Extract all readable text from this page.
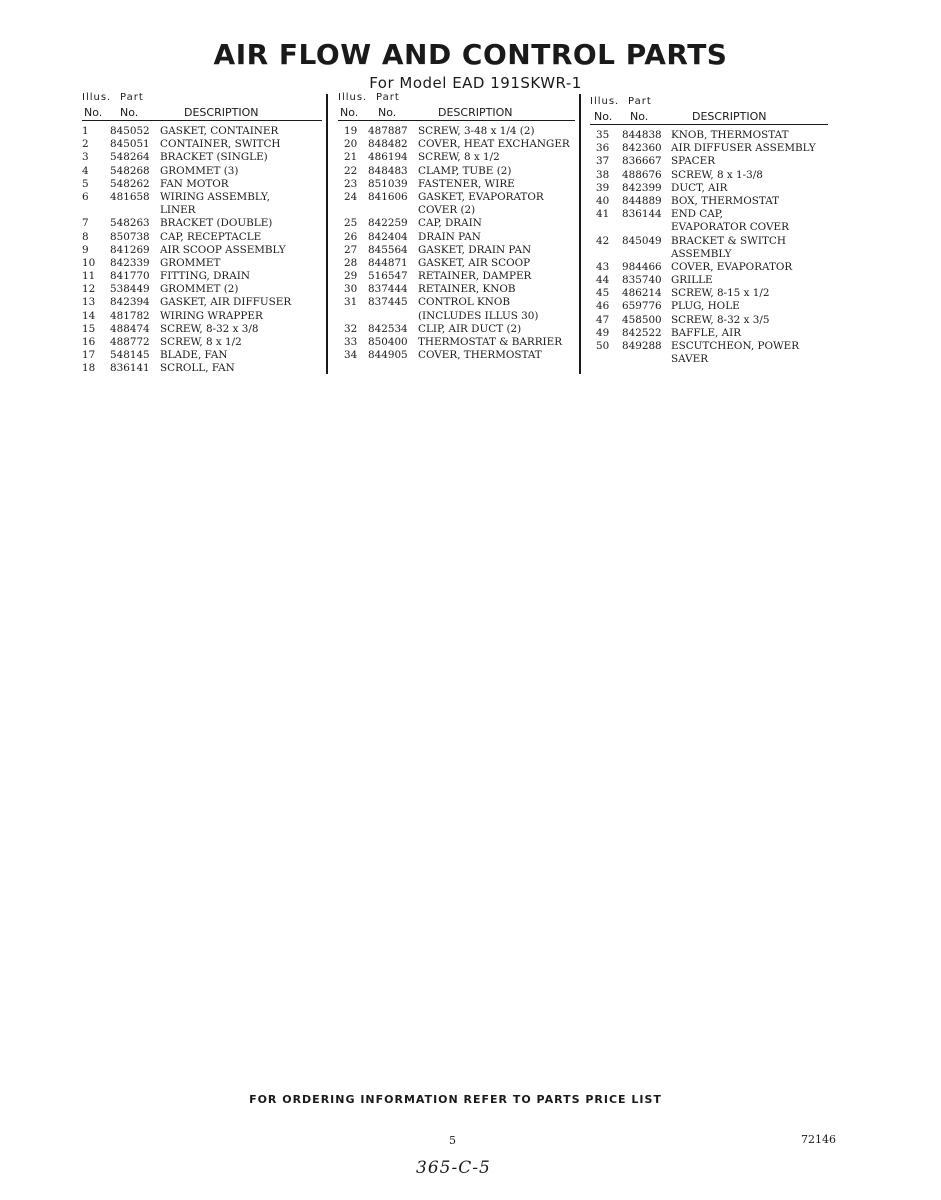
AIR FLOW AND CONTROL PARTS
For Model EAD 191SKWR-1
Illus. Part
No. No.	DESCRIPTION
1 845052 GASKET, CONTAINER
2 845051 CONTAINER, SWITCH
3 548264 BRACKET (SINGLE)
4 548268 GROMMET (3)
5 548262 FAN MOTOR
6 481658 WIRING ASSEMBLY,
LINER
7 548263 BRACKET (DOUBLE)
8 850738 CAP, RECEPTACLE
9 841269 AIR SCOOP ASSEMBLY
10 842339 GROMMET
11 841770 FITTING, DRAIN
12 538449 GROMMET (2)
13 842394 GASKET, AIR DIFFUSER
14 481782 WIRING WRAPPER
15 488474 SCREW, 8-32 x 3/8
16 488772 SCREW, 8 x 1/2
17 548145 BLADE, FAN
18 836141 SCROLL, FAN
Illus. Part
No. No.	DESCRIPTION
19 487887 SCREW, 3-48 x 1/4 (2)
20 848482 COVER, HEAT EXCHANGER
21 486194 SCREW, 8 x 1/2
22 848483 CLAMP, TUBE (2)
23 851039 FASTENER, WIRE
24 841606 GASKET, EVAPORATOR
COVER (2)
25 842259 CAP, DRAIN
26 842404 DRAIN PAN
27 845564 GASKET, DRAIN PAN
28 844871 GASKET, AIR SCOOP
29 516547 RETAINER, DAMPER
30 837444 RETAINER, KNOB
31 837445 CONTROL KNOB
(INCLUDES ILLUS 30)
32 842534 CLIP, AIR DUCT (2)
33 850400 THERMOSTAT & BARRIER
34 844905 COVER, THERMOSTAT
Illus. Part
No. No.	DESCRIPTION
35 844838 KNOB, THERMOSTAT
36 842360 AIR DIFFUSER ASSEMBLY
37 836667 SPACER
38 488676 SCREW, 8 x 1-3/8
39 842399 DUCT, AIR
40 844889 BOX, THERMOSTAT
41 836144 END CAP,
EVAPORATOR COVER
42 845049 BRACKET & SWITCH
ASSEMBLY
43 984466 COVER, EVAPORATOR
44 835740 GRILLE
45 486214 SCREW, 8-15 x 1/2
46 659776 PLUG, HOLE
47 458500 SCREW, 8-32 x 3/5
49 842522 BAFFLE, AIR
50 849288 ESCUTCHEON, POWER
SAVER
FOR ORDERING INFORMATION REFER TO PARTS PRICE LIST
5	72146
365-C-5
